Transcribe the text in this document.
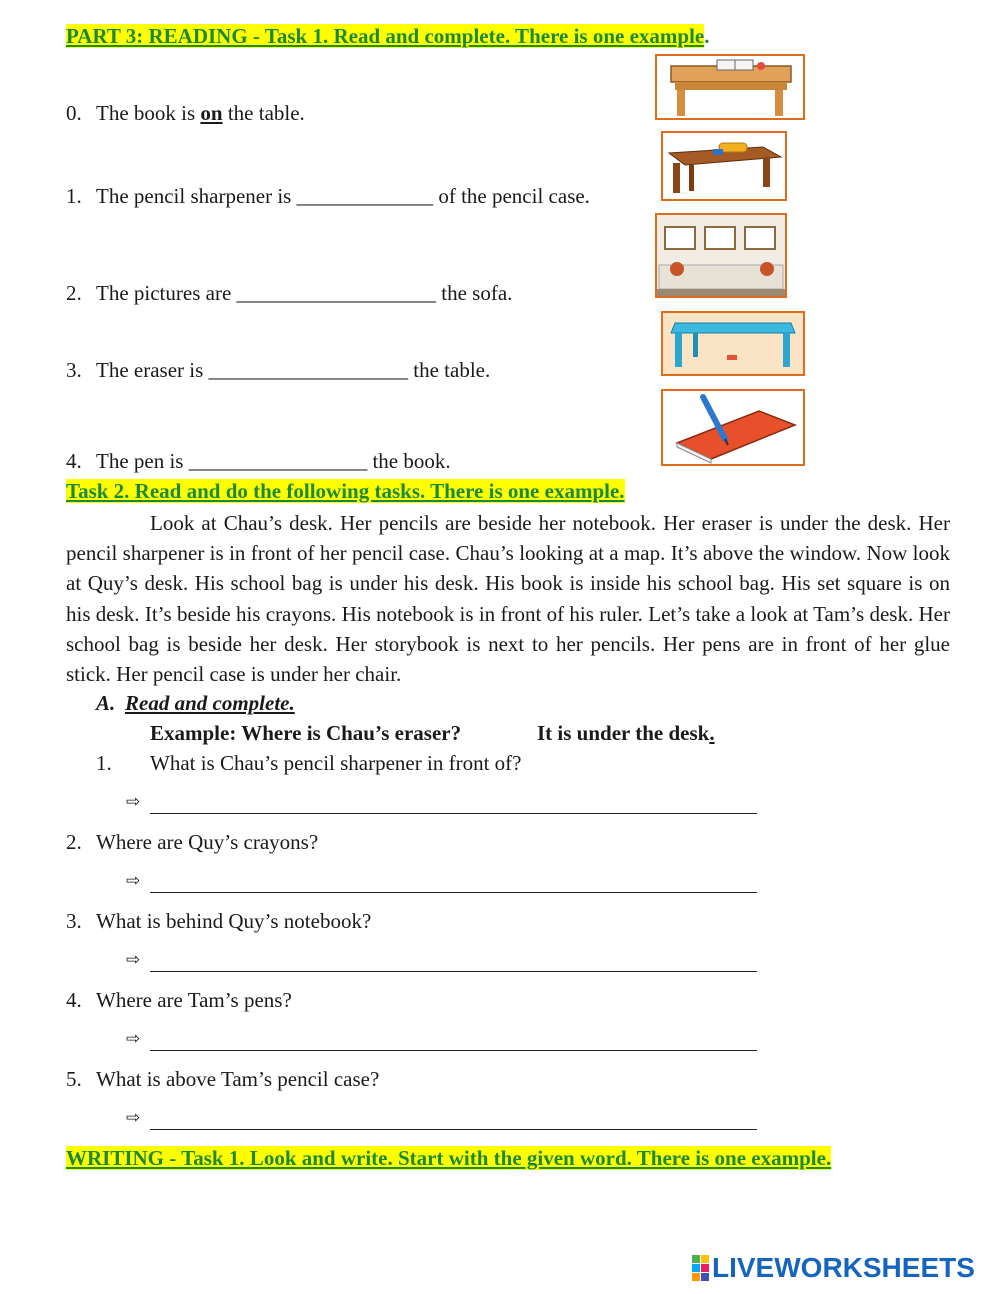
PART 3: READING - Task 1. Read and complete. There is one example.
0. The book is on the table.
1. The pencil sharpener is _____________ of the pencil case.
2. The pictures are ___________________ the sofa.
3. The eraser is ___________________ the table.
4. The pen is _________________ the book.
Task 2. Read and do the following tasks. There is one example.
Look at Chau’s desk. Her pencils are beside her notebook. Her eraser is under the desk. Her pencil sharpener is in front of her pencil case. Chau’s looking at a map. It’s above the window. Now look at Quy’s desk. His school bag is under his desk. His book is inside his school bag. His set square is on his desk. It’s beside his crayons. His notebook is in front of his ruler. Let’s take a look at Tam’s desk. Her school bag is beside her desk. Her storybook is next to her pencils. Her pens are in front of her glue stick. Her pencil case is under her chair.
A. Read and complete.
Example: Where is Chau’s eraser?	It is under the desk.
1. What is Chau’s pencil sharpener in front of?
⇨
2. Where are Quy’s crayons?
⇨
3. What is behind Quy’s notebook?
⇨
4. Where are Tam’s pens?
⇨
5. What is above Tam’s pencil case?
⇨
WRITING - Task 1. Look and write. Start with the given word. There is one example.
LIVEWORKSHEETS
